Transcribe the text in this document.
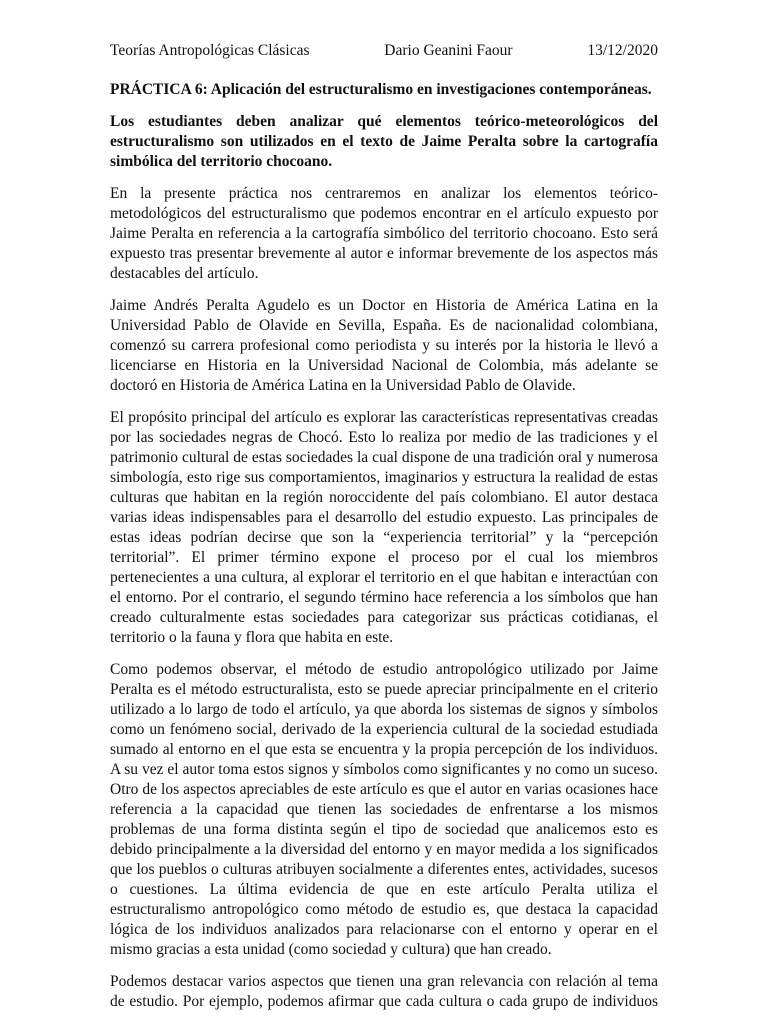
Teorías Antropológicas Clásicas	Dario Geanini Faour	13/12/2020
PRÁCTICA 6: Aplicación del estructuralismo en investigaciones contemporáneas.
Los estudiantes deben analizar qué elementos teórico-meteorológicos del estructuralismo son utilizados en el texto de Jaime Peralta sobre la cartografía simbólica del territorio chocoano.

En la presente práctica nos centraremos en analizar los elementos teórico-metodológicos del estructuralismo que podemos encontrar en el artículo expuesto por Jaime Peralta en referencia a la cartografía simbólico del territorio chocoano. Esto será expuesto tras presentar brevemente al autor e informar brevemente de los aspectos más destacables del artículo.

Jaime Andrés Peralta Agudelo es un Doctor en Historia de América Latina en la Universidad Pablo de Olavide en Sevilla, España. Es de nacionalidad colombiana, comenzó su carrera profesional como periodista y su interés por la historia le llevó a licenciarse en Historia en la Universidad Nacional de Colombia, más adelante se doctoró en Historia de América Latina en la Universidad Pablo de Olavide.

El propósito principal del artículo es explorar las características representativas creadas por las sociedades negras de Chocó. Esto lo realiza por medio de las tradiciones y el patrimonio cultural de estas sociedades la cual dispone de una tradición oral y numerosa simbología, esto rige sus comportamientos, imaginarios y estructura la realidad de estas culturas que habitan en la región noroccidente del país colombiano. El autor destaca varias ideas indispensables para el desarrollo del estudio expuesto. Las principales de estas ideas podrían decirse que son la “experiencia territorial” y la “percepción territorial”. El primer término expone el proceso por el cual los miembros pertenecientes a una cultura, al explorar el territorio en el que habitan e interactúan con el entorno. Por el contrario, el segundo término hace referencia a los símbolos que han creado culturalmente estas sociedades para categorizar sus prácticas cotidianas, el territorio o la fauna y flora que habita en este.

Como podemos observar, el método de estudio antropológico utilizado por Jaime Peralta es el método estructuralista, esto se puede apreciar principalmente en el criterio utilizado a lo largo de todo el artículo, ya que aborda los sistemas de signos y símbolos como un fenómeno social, derivado de la experiencia cultural de la sociedad estudiada sumado al entorno en el que esta se encuentra y la propia percepción de los individuos. A su vez el autor toma estos signos y símbolos como significantes y no como un suceso. Otro de los aspectos apreciables de este artículo es que el autor en varias ocasiones hace referencia a la capacidad que tienen las sociedades de enfrentarse a los mismos problemas de una forma distinta según el tipo de sociedad que analicemos esto es debido principalmente a la diversidad del entorno y en mayor medida a los significados que los pueblos o culturas atribuyen socialmente a diferentes entes, actividades, sucesos o cuestiones. La última evidencia de que en este artículo Peralta utiliza el estructuralismo antropológico como método de estudio es, que destaca la capacidad lógica de los individuos analizados para relacionarse con el entorno y operar en el mismo gracias a esta unidad (como sociedad y cultura) que han creado.

Podemos destacar varios aspectos que tienen una gran relevancia con relación al tema de estudio. Por ejemplo, podemos afirmar que cada cultura o cada grupo de individuos
